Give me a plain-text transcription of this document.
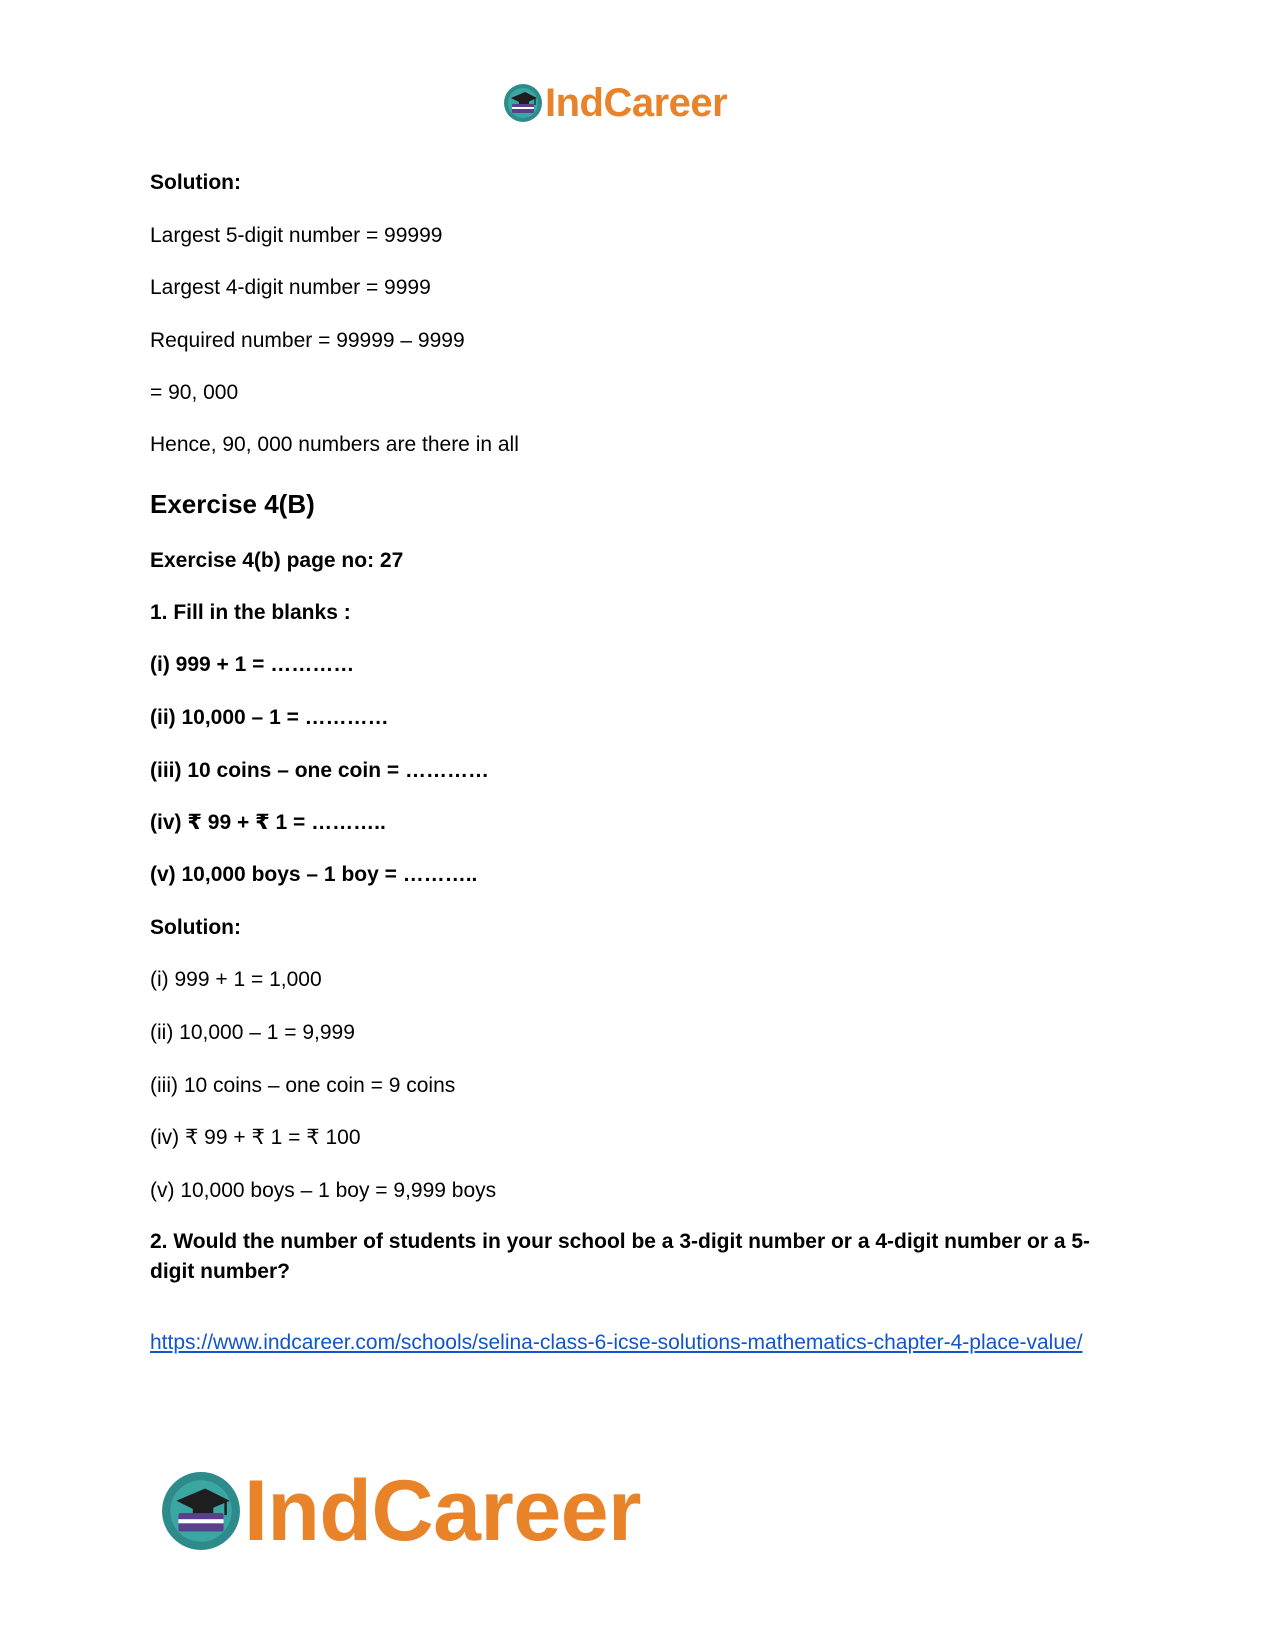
IndCareer
Solution:
Largest 5-digit number = 99999
Largest 4-digit number = 9999
Required number = 99999 – 9999
= 90, 000
Hence, 90, 000 numbers are there in all
Exercise 4(B)
Exercise 4(b) page no: 27
1. Fill in the blanks :
(i) 999 + 1 = …………
(ii) 10,000 – 1 = …………
(iii) 10 coins – one coin = …………
(iv) ₹ 99 + ₹ 1 = ………..
(v) 10,000 boys – 1 boy = ………..
Solution:
(i) 999 + 1 = 1,000
(ii) 10,000 – 1 = 9,999
(iii) 10 coins – one coin = 9 coins
(iv) ₹ 99 + ₹ 1 = ₹ 100
(v) 10,000 boys – 1 boy = 9,999 boys
2. Would the number of students in your school be a 3-digit number or a 4-digit number or a 5-digit number?
https://www.indcareer.com/schools/selina-class-6-icse-solutions-mathematics-chapter-4-place-value/
IndCareer
